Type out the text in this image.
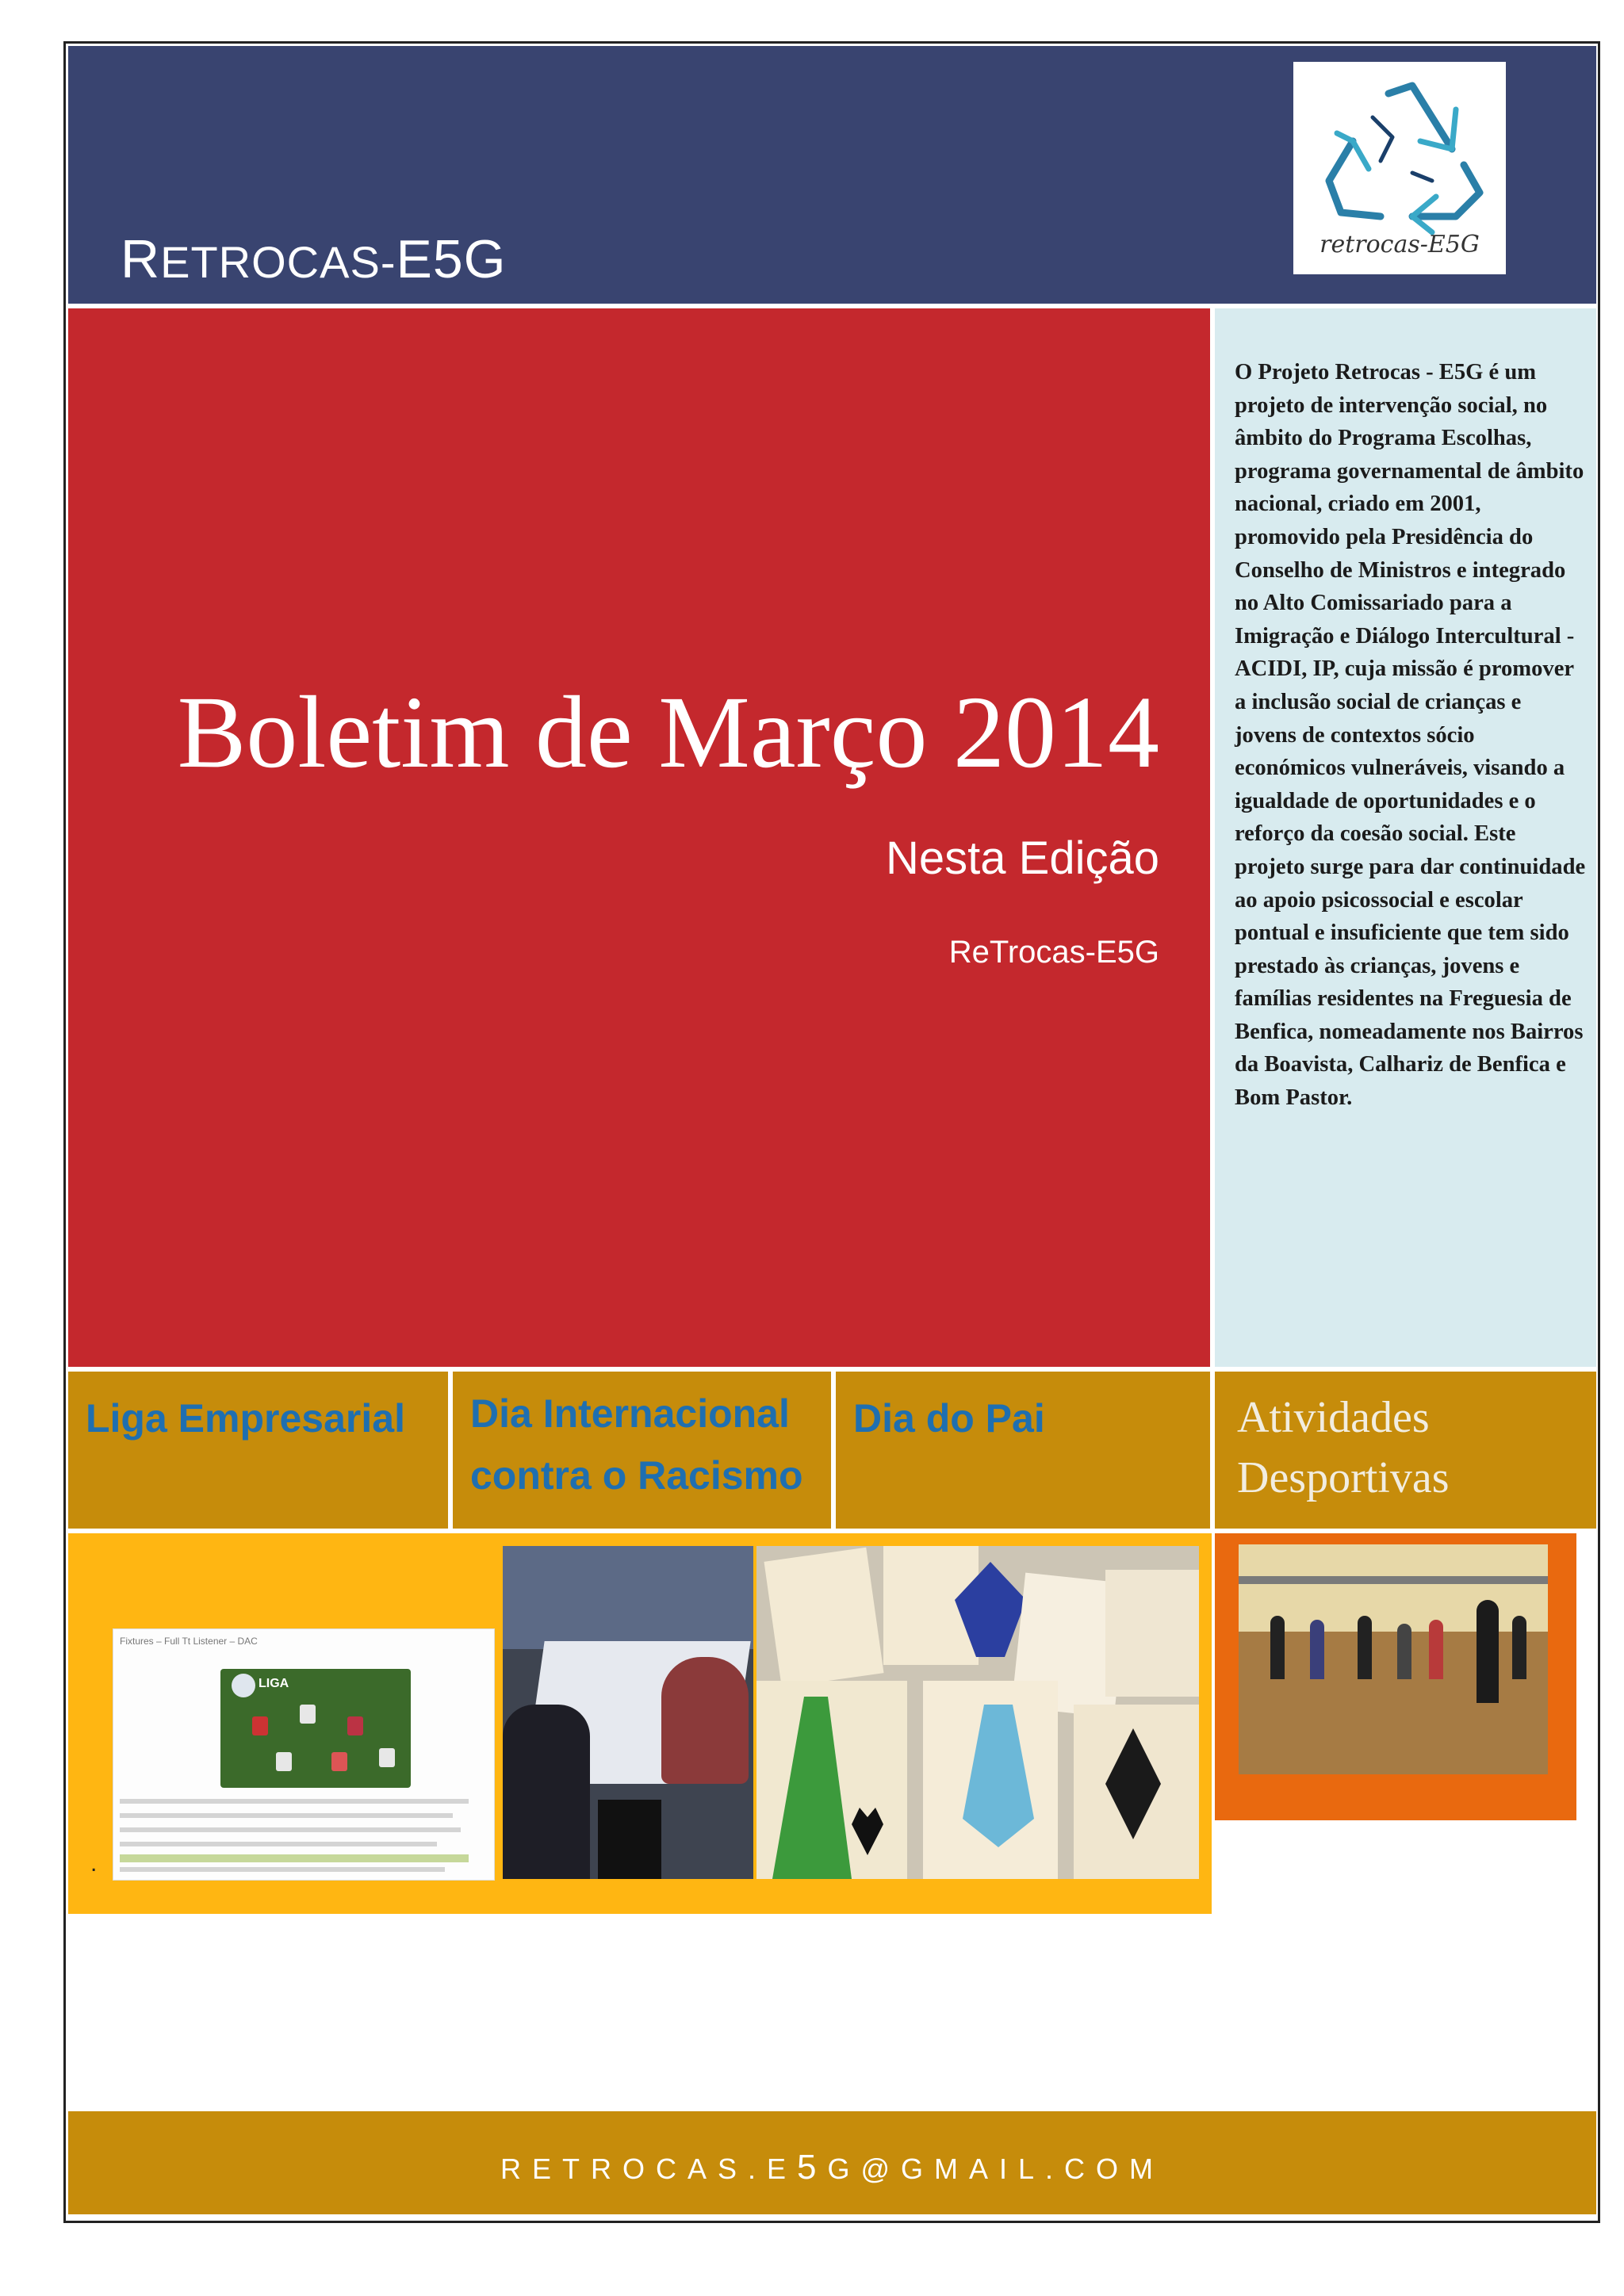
RETROCAS-E5G	retrocas-E5G
Boletim de Março 2014
Nesta Edição
ReTrocas-E5G
O Projeto Retrocas - E5G é um projeto de intervenção social, no âmbito do Programa Escolhas, programa governamental de âmbito nacional, criado em 2001, promovido pela Presidência do Conselho de Ministros e integrado no Alto Comissariado para a Imigração e Diálogo Intercultural - ACIDI, IP, cuja missão é promover a inclusão social de crianças e jovens de contextos sócio económicos vulneráveis, visando a igualdade de oportunidades e o reforço da coesão social. Este projeto surge para dar continuidade ao apoio psicossocial e escolar pontual e insuficiente que tem sido prestado às crianças, jovens e famílias residentes na Freguesia de Benfica, nomeadamente nos Bairros da Boavista, Calhariz de Benfica e Bom Pastor.
Liga Empresarial Dia Internacional contra o Racismo
Dia do Pai	Atividades Desportivas
Fixtures – Full Tt Listener – DAC
LIGA
.
RETROCAS.E5G@GMAIL.COM
